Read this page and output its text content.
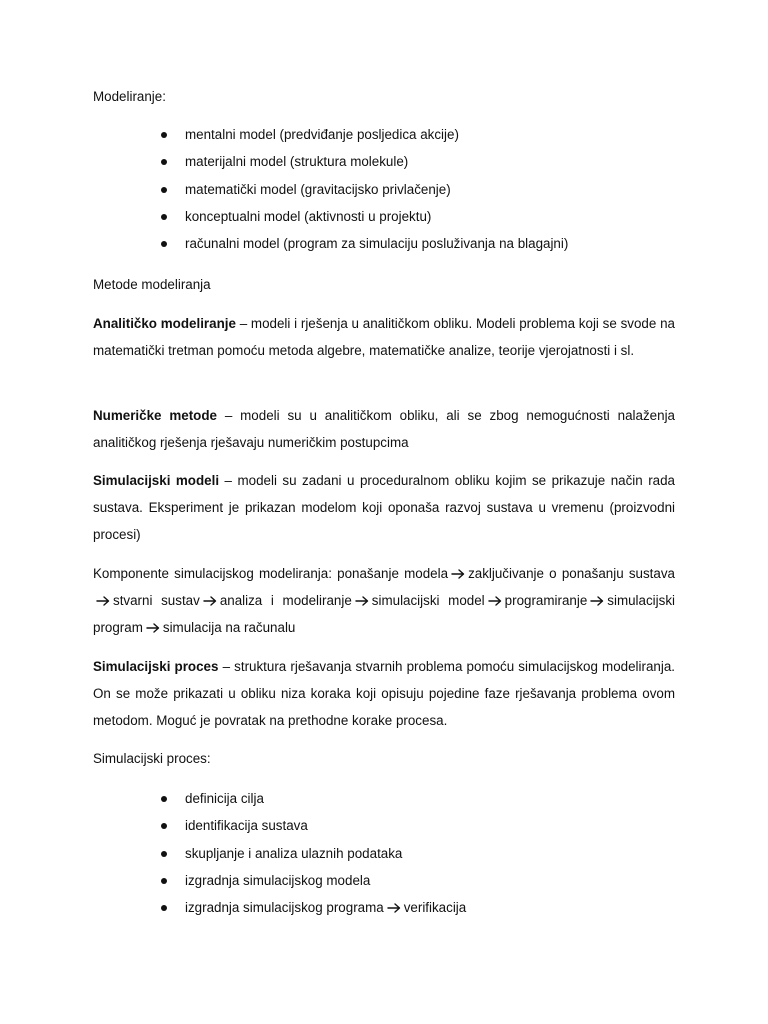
Modeliranje:
mentalni model (predviđanje posljedica akcije)
materijalni model (struktura molekule)
matematički model (gravitacijsko privlačenje)
konceptualni model (aktivnosti u projektu)
računalni model (program za simulaciju posluživanja na blagajni)
Metode modeliranja

Analitičko modeliranje – modeli i rješenja u analitičkom obliku. Modeli problema koji se svode na matematički tretman pomoću metoda algebre, matematičke analize, teorije vjerojatnosti i sl.

Numeričke metode – modeli su u analitičkom obliku, ali se zbog nemogućnosti nalaženja analitičkog rješenja rješavaju numeričkim postupcima

Simulacijski modeli – modeli su zadani u proceduralnom obliku kojim se prikazuje način rada sustava. Eksperiment je prikazan modelom koji oponaša razvoj sustava u vremenu (proizvodni procesi)

Komponente simulacijskog modeliranja: ponašanje modela zaključivanje o ponašanju sustava
stvarni sustav analiza i modeliranje simulacijski model programiranje simulacijski program simulacija na računalu

Simulacijski proces – struktura rješavanja stvarnih problema pomoću simulacijskog modeliranja. On se može prikazati u obliku niza koraka koji opisuju pojedine faze rješavanja problema ovom metodom. Moguć je povratak na prethodne korake procesa.

Simulacijski proces:
definicija cilja
identifikacija sustava
skupljanje i analiza ulaznih podataka
izgradnja simulacijskog modela
izgradnja simulacijskog programa verifikacija
